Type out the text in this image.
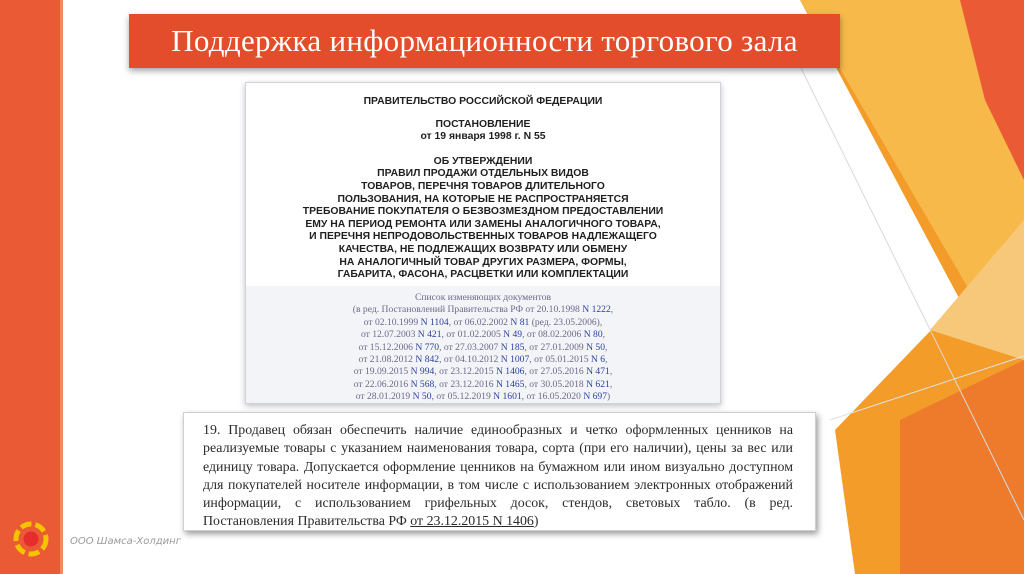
Поддержка информационности торгового зала
ПРАВИТЕЛЬСТВО РОССИЙСКОЙ ФЕДЕРАЦИИ
ПОСТАНОВЛЕНИЕ
от 19 января 1998 г. N 55
ОБ УТВЕРЖДЕНИИ
ПРАВИЛ ПРОДАЖИ ОТДЕЛЬНЫХ ВИДОВ
ТОВАРОВ, ПЕРЕЧНЯ ТОВАРОВ ДЛИТЕЛЬНОГО
ПОЛЬЗОВАНИЯ, НА КОТОРЫЕ НЕ РАСПРОСТРАНЯЕТСЯ
ТРЕБОВАНИЕ ПОКУПАТЕЛЯ О БЕЗВОЗМЕЗДНОМ ПРЕДОСТАВЛЕНИИ
ЕМУ НА ПЕРИОД РЕМОНТА ИЛИ ЗАМЕНЫ АНАЛОГИЧНОГО ТОВАРА,
И ПЕРЕЧНЯ НЕПРОДОВОЛЬСТВЕННЫХ ТОВАРОВ НАДЛЕЖАЩЕГО
КАЧЕСТВА, НЕ ПОДЛЕЖАЩИХ ВОЗВРАТУ ИЛИ ОБМЕНУ
НА АНАЛОГИЧНЫЙ ТОВАР ДРУГИХ РАЗМЕРА, ФОРМЫ,
ГАБАРИТА, ФАСОНА, РАСЦВЕТКИ ИЛИ КОМПЛЕКТАЦИИ
Список изменяющих документов
(в ред. Постановлений Правительства РФ от 20.10.1998 N 1222,
от 02.10.1999 N 1104, от 06.02.2002 N 81 (ред. 23.05.2006),
от 12.07.2003 N 421, от 01.02.2005 N 49, от 08.02.2006 N 80,
от 15.12.2006 N 770, от 27.03.2007 N 185, от 27.01.2009 N 50,
от 21.08.2012 N 842, от 04.10.2012 N 1007, от 05.01.2015 N 6,
от 19.09.2015 N 994, от 23.12.2015 N 1406, от 27.05.2016 N 471,
от 22.06.2016 N 568, от 23.12.2016 N 1465, от 30.05.2018 N 621,
от 28.01.2019 N 50, от 05.12.2019 N 1601, от 16.05.2020 N 697)
19. Продавец обязан обеспечить наличие единообразных и четко оформленных ценников на реализуемые товары с указанием наименования товара, сорта (при его наличии), цены за вес или единицу товара. Допускается оформление ценников на бумажном или ином визуально доступном для покупателей носителе информации, в том числе с использованием электронных отображений информации, с использованием грифельных досок, стендов, световых табло. (в ред. Постановления Правительства РФ от 23.12.2015 N 1406)
ООО Шамса-Холдинг
